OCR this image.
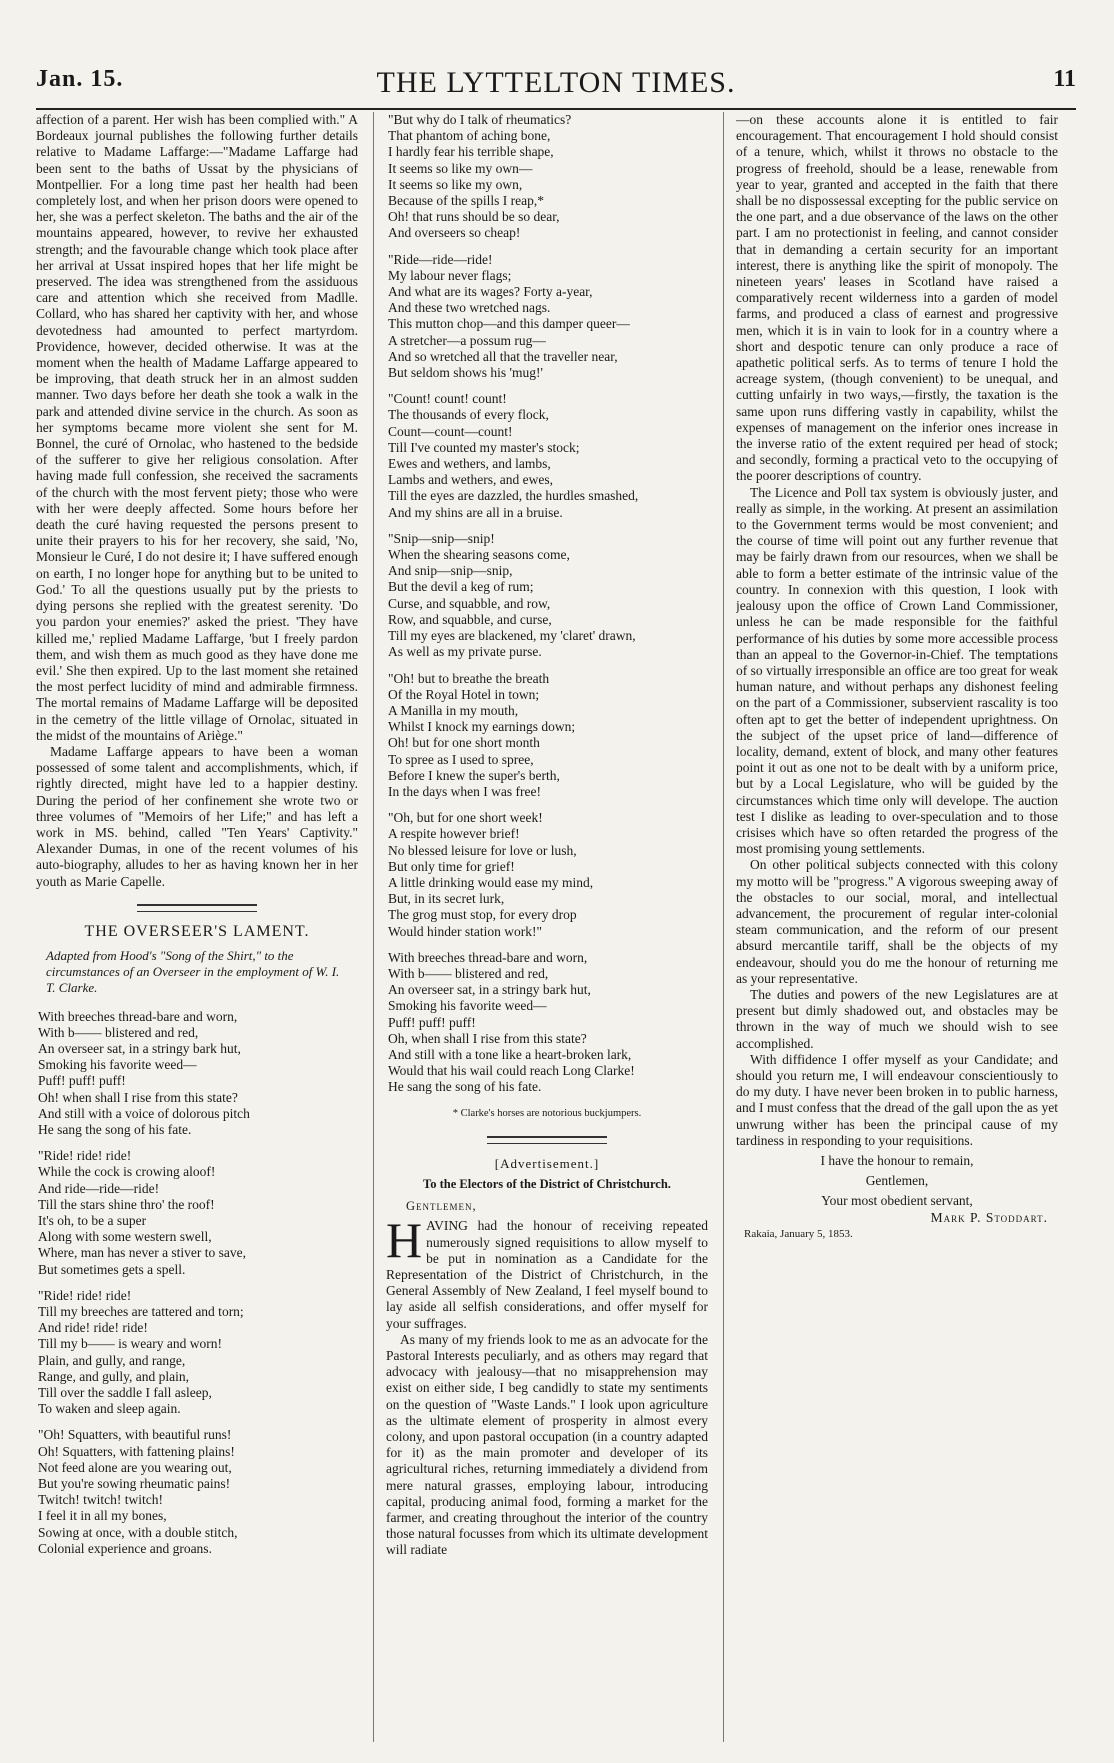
Jan. 15.	THE LYTTELTON TIMES.	11

affection of a parent. Her wish has been complied with." A Bordeaux journal publishes the following further details relative to Madame Laffarge:—"Madame Laffarge had been sent to the baths of Ussat by the physicians of Montpellier. For a long time past her health had been completely lost, and when her prison doors were opened to her, she was a perfect skeleton. The baths and the air of the mountains appeared, however, to revive her exhausted strength; and the favourable change which took place after her arrival at Ussat inspired hopes that her life might be preserved. The idea was strengthened from the assiduous care and attention which she received from Madlle. Collard, who has shared her captivity with her, and whose devotedness had amounted to perfect martyrdom. Providence, however, decided otherwise. It was at the moment when the health of Madame Laffarge appeared to be improving, that death struck her in an almost sudden manner. Two days before her death she took a walk in the park and attended divine service in the church. As soon as her symptoms became more violent she sent for M. Bonnel, the curé of Ornolac, who hastened to the bedside of the sufferer to give her religious consolation. After having made full confession, she received the sacraments of the church with the most fervent piety; those who were with her were deeply affected. Some hours before her death the curé having requested the persons present to unite their prayers to his for her recovery, she said, 'No, Monsieur le Curé, I do not desire it; I have suffered enough on earth, I no longer hope for anything but to be united to God.' To all the questions usually put by the priests to dying persons she replied with the greatest serenity. 'Do you pardon your enemies?' asked the priest. 'They have killed me,' replied Madame Laffarge, 'but I freely pardon them, and wish them as much good as they have done me evil.' She then expired. Up to the last moment she retained the most perfect lucidity of mind and admirable firmness. The mortal remains of Madame Laffarge will be deposited in the cemetry of the little village of Ornolac, situated in the midst of the mountains of Ariège."

Madame Laffarge appears to have been a woman possessed of some talent and accomplishments, which, if rightly directed, might have led to a happier destiny. During the period of her confinement she wrote two or three volumes of "Memoirs of her Life;" and has left a work in MS. behind, called "Ten Years' Captivity." Alexander Dumas, in one of the recent volumes of his auto-biography, alludes to her as having known her in her youth as Marie Capelle.

THE OVERSEER'S LAMENT.

Adapted from Hood's "Song of the Shirt," to the circumstances of an Overseer in the employment of W. I. T. Clarke.

With breeches thread-bare and worn,
With b—— blistered and red,
An overseer sat, in a stringy bark hut,
Smoking his favorite weed—
Puff! puff! puff!
Oh! when shall I rise from this state?
And still with a voice of dolorous pitch
He sang the song of his fate.
"Ride! ride! ride!
While the cock is crowing aloof!
And ride—ride—ride!
Till the stars shine thro' the roof!
It's oh, to be a super
Along with some western swell,
Where, man has never a stiver to save,
But sometimes gets a spell.
"Ride! ride! ride!
Till my breeches are tattered and torn;
And ride! ride! ride!
Till my b—— is weary and worn!
Plain, and gully, and range,
Range, and gully, and plain,
Till over the saddle I fall asleep,
To waken and sleep again.
"Oh! Squatters, with beautiful runs!
Oh! Squatters, with fattening plains!
Not feed alone are you wearing out,
But you're sowing rheumatic pains!
Twitch! twitch! twitch!
I feel it in all my bones,
Sowing at once, with a double stitch,
Colonial experience and groans.
"But why do I talk of rheumatics?
That phantom of aching bone,
I hardly fear his terrible shape,
It seems so like my own—
It seems so like my own,
Because of the spills I reap,*
Oh! that runs should be so dear,
And overseers so cheap!
"Ride—ride—ride!
My labour never flags;
And what are its wages? Forty a-year,
And these two wretched nags.
This mutton chop—and this damper queer—
A stretcher—a possum rug—
And so wretched all that the traveller near,
But seldom shows his 'mug!'
"Count! count! count!
The thousands of every flock,
Count—count—count!
Till I've counted my master's stock;
Ewes and wethers, and lambs,
Lambs and wethers, and ewes,
Till the eyes are dazzled, the hurdles smashed,
And my shins are all in a bruise.
"Snip—snip—snip!
When the shearing seasons come,
And snip—snip—snip,
But the devil a keg of rum;
Curse, and squabble, and row,
Row, and squabble, and curse,
Till my eyes are blackened, my 'claret' drawn,
As well as my private purse.
"Oh! but to breathe the breath
Of the Royal Hotel in town;
A Manilla in my mouth,
Whilst I knock my earnings down;
Oh! but for one short month
To spree as I used to spree,
Before I knew the super's berth,
In the days when I was free!
"Oh, but for one short week!
A respite however brief!
No blessed leisure for love or lush,
But only time for grief!
A little drinking would ease my mind,
But, in its secret lurk,
The grog must stop, for every drop
Would hinder station work!"
With breeches thread-bare and worn,
With b—— blistered and red,
An overseer sat, in a stringy bark hut,
Smoking his favorite weed—
Puff! puff! puff!
Oh, when shall I rise from this state?
And still with a tone like a heart-broken lark,
Would that his wail could reach Long Clarke!
He sang the song of his fate.
* Clarke's horses are notorious buckjumpers.
[Advertisement.]
To the Electors of the District of Christchurch.
Gentlemen,

HAVING had the honour of receiving repeated numerously signed requisitions to allow myself to be put in nomination as a Candidate for the Representation of the District of Christchurch, in the General Assembly of New Zealand, I feel myself bound to lay aside all selfish considerations, and offer myself for your suffrages.

As many of my friends look to me as an advocate for the Pastoral Interests peculiarly, and as others may regard that advocacy with jealousy—that no misapprehension may exist on either side, I beg candidly to state my sentiments on the question of "Waste Lands." I look upon agriculture as the ultimate element of prosperity in almost every colony, and upon pastoral occupation (in a country adapted for it) as the main promoter and developer of its agricultural riches, returning immediately a dividend from mere natural grasses, employing labour, introducing capital, producing animal food, forming a market for the farmer, and creating throughout the interior of the country those natural focusses from which its ultimate development will radiate

—on these accounts alone it is entitled to fair encouragement. That encouragement I hold should consist of a tenure, which, whilst it throws no obstacle to the progress of freehold, should be a lease, renewable from year to year, granted and accepted in the faith that there shall be no dispossessal excepting for the public service on the one part, and a due observance of the laws on the other part. I am no protectionist in feeling, and cannot consider that in demanding a certain security for an important interest, there is anything like the spirit of monopoly. The nineteen years' leases in Scotland have raised a comparatively recent wilderness into a garden of model farms, and produced a class of earnest and progressive men, which it is in vain to look for in a country where a short and despotic tenure can only produce a race of apathetic political serfs. As to terms of tenure I hold the acreage system, (though convenient) to be unequal, and cutting unfairly in two ways,—firstly, the taxation is the same upon runs differing vastly in capability, whilst the expenses of management on the inferior ones increase in the inverse ratio of the extent required per head of stock; and secondly, forming a practical veto to the occupying of the poorer descriptions of country.

The Licence and Poll tax system is obviously juster, and really as simple, in the working. At present an assimilation to the Government terms would be most convenient; and the course of time will point out any further revenue that may be fairly drawn from our resources, when we shall be able to form a better estimate of the intrinsic value of the country. In connexion with this question, I look with jealousy upon the office of Crown Land Commissioner, unless he can be made responsible for the faithful performance of his duties by some more accessible process than an appeal to the Governor-in-Chief. The temptations of so virtually irresponsible an office are too great for weak human nature, and without perhaps any dishonest feeling on the part of a Commissioner, subservient rascality is too often apt to get the better of independent uprightness. On the subject of the upset price of land—difference of locality, demand, extent of block, and many other features point it out as one not to be dealt with by a uniform price, but by a Local Legislature, who will be guided by the circumstances which time only will develope. The auction test I dislike as leading to over-speculation and to those crisises which have so often retarded the progress of the most promising young settlements.

On other political subjects connected with this colony my motto will be "progress." A vigorous sweeping away of the obstacles to our social, moral, and intellectual advancement, the procurement of regular inter-colonial steam communication, and the reform of our present absurd mercantile tariff, shall be the objects of my endeavour, should you do me the honour of returning me as your representative.

The duties and powers of the new Legislatures are at present but dimly shadowed out, and obstacles may be thrown in the way of much we should wish to see accomplished.

With diffidence I offer myself as your Candidate; and should you return me, I will endeavour conscientiously to do my duty. I have never been broken in to public harness, and I must confess that the dread of the gall upon the as yet unwrung wither has been the principal cause of my tardiness in responding to your requisitions.

I have the honour to remain,
Gentlemen,
Your most obedient servant,
Mark P. Stoddart.
Rakaia, January 5, 1853.
